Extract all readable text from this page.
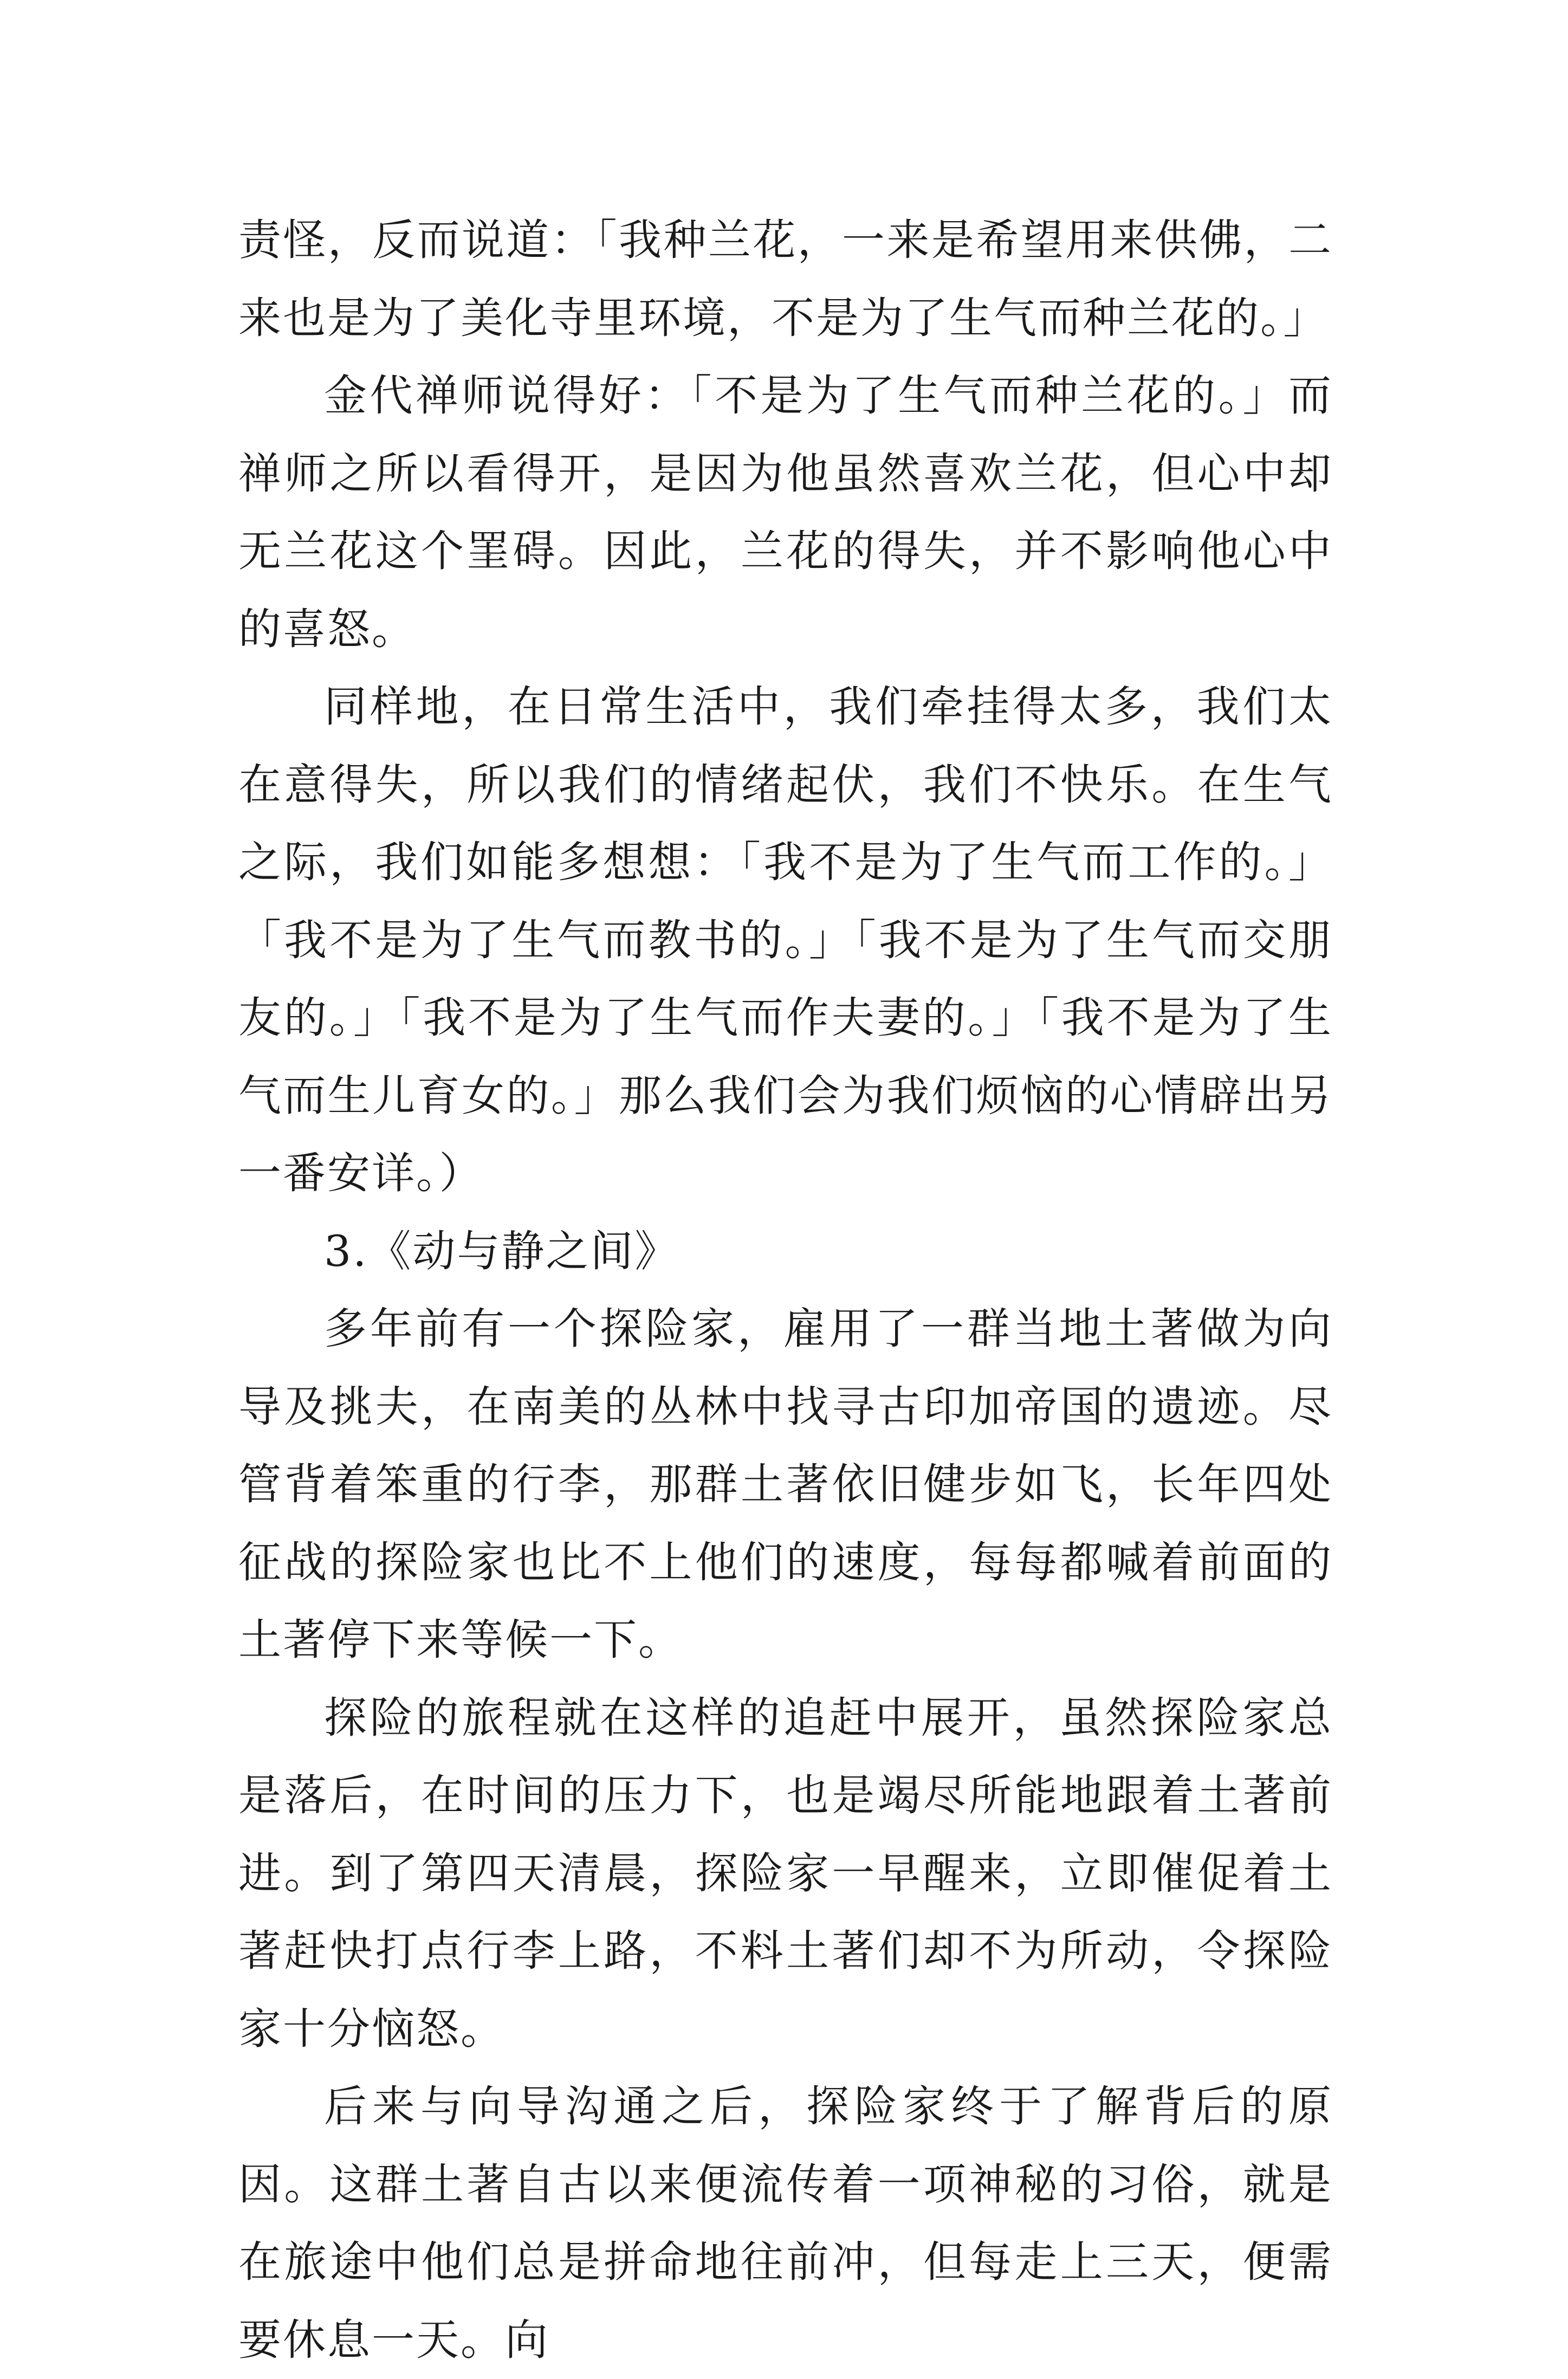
责怪，反而说道：「我种兰花，一来是希望用来供佛，二来也是为了美化寺里环境，不是为了生气而种兰花的。」

金代禅师说得好：「不是为了生气而种兰花的。」而禅师之所以看得开，是因为他虽然喜欢兰花，但心中却无兰花这个罣碍。因此，兰花的得失，并不影响他心中的喜怒。

同样地，在日常生活中，我们牵挂得太多，我们太在意得失，所以我们的情绪起伏，我们不快乐。在生气之际，我们如能多想想：「我不是为了生气而工作的。」「我不是为了生气而教书的。」「我不是为了生气而交朋友的。」「我不是为了生气而作夫妻的。」「我不是为了生气而生儿育女的。」那么我们会为我们烦恼的心情辟出另一番安详。）

3.《动与静之间》

多年前有一个探险家，雇用了一群当地土著做为向导及挑夫，在南美的丛林中找寻古印加帝国的遗迹。尽管背着笨重的行李，那群土著依旧健步如飞，长年四处征战的探险家也比不上他们的速度，每每都喊着前面的土著停下来等候一下。

探险的旅程就在这样的追赶中展开，虽然探险家总是落后，在时间的压力下，也是竭尽所能地跟着土著前进。到了第四天清晨，探险家一早醒来，立即催促着土著赶快打点行李上路，不料土著们却不为所动，令探险家十分恼怒。

后来与向导沟通之后，探险家终于了解背后的原因。这群土著自古以来便流传着一项神秘的习俗，就是在旅途中他们总是拼命地往前冲，但每走上三天，便需要休息一天。向
